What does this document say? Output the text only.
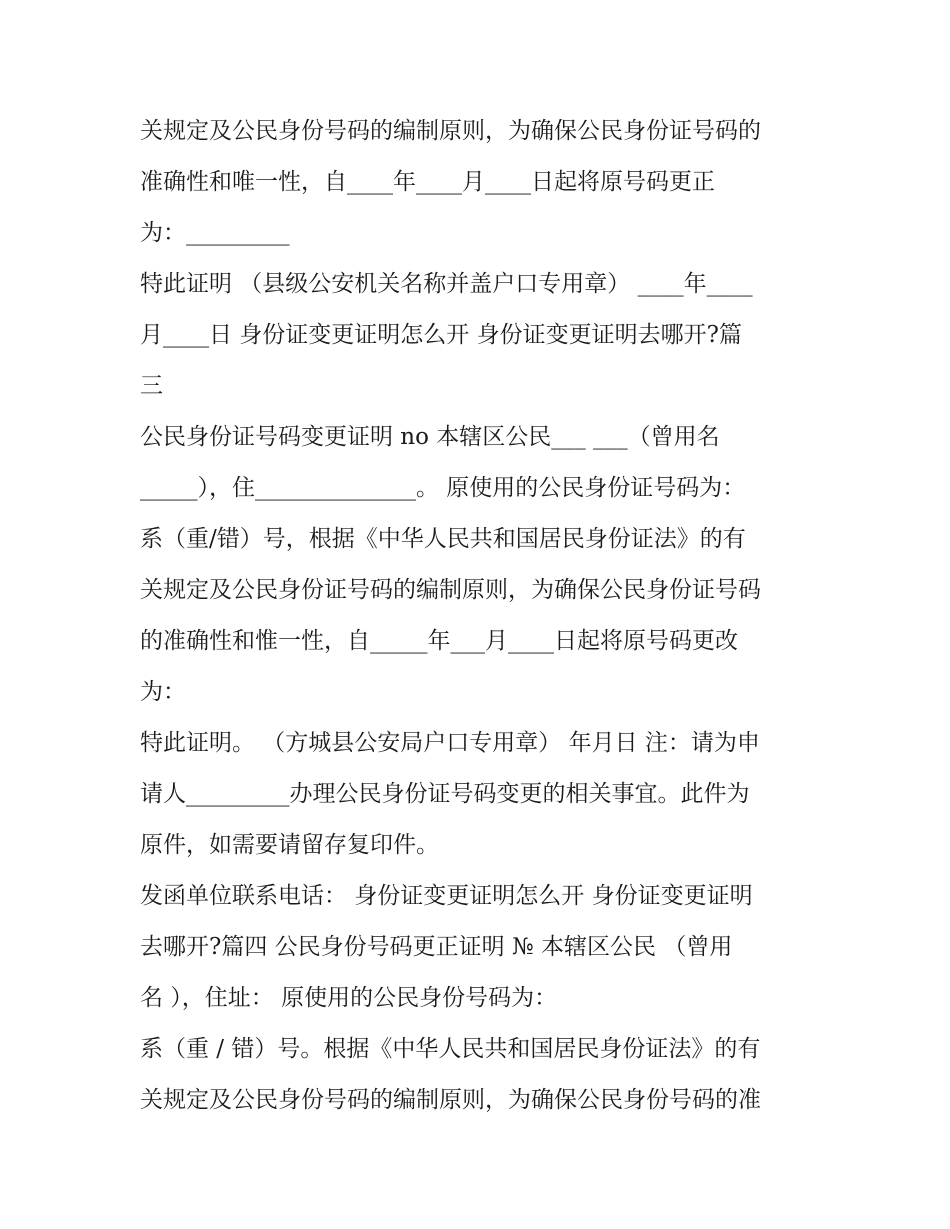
关规定及公民身份号码的编制原则，为确保公民身份证号码的
准确性和唯一性，自____年____月____日起将原号码更正
为：_________
特此证明 （县级公安机关名称并盖户口专用章） ____年____
月____日 身份证变更证明怎么开 身份证变更证明去哪开?篇
三
公民身份证号码变更证明 no 本辖区公民___ ___（曾用名
_____），住______________。 原使用的公民身份证号码为：
系（重/错）号，根据《中华人民共和国居民身份证法》的有
关规定及公民身份证号码的编制原则，为确保公民身份证号码
的准确性和惟一性，自_____年___月____日起将原号码更改
为：
特此证明。 （方城县公安局户口专用章） 年月日 注：请为申
请人_________办理公民身份证号码变更的相关事宜。此件为
原件，如需要请留存复印件。
发函单位联系电话： 身份证变更证明怎么开 身份证变更证明
去哪开?篇四 公民身份号码更正证明 № 本辖区公民 （曾用
名 ），住址： 原使用的公民身份号码为：
系（重 / 错）号。根据《中华人民共和国居民身份证法》的有
关规定及公民身份号码的编制原则，为确保公民身份号码的准
